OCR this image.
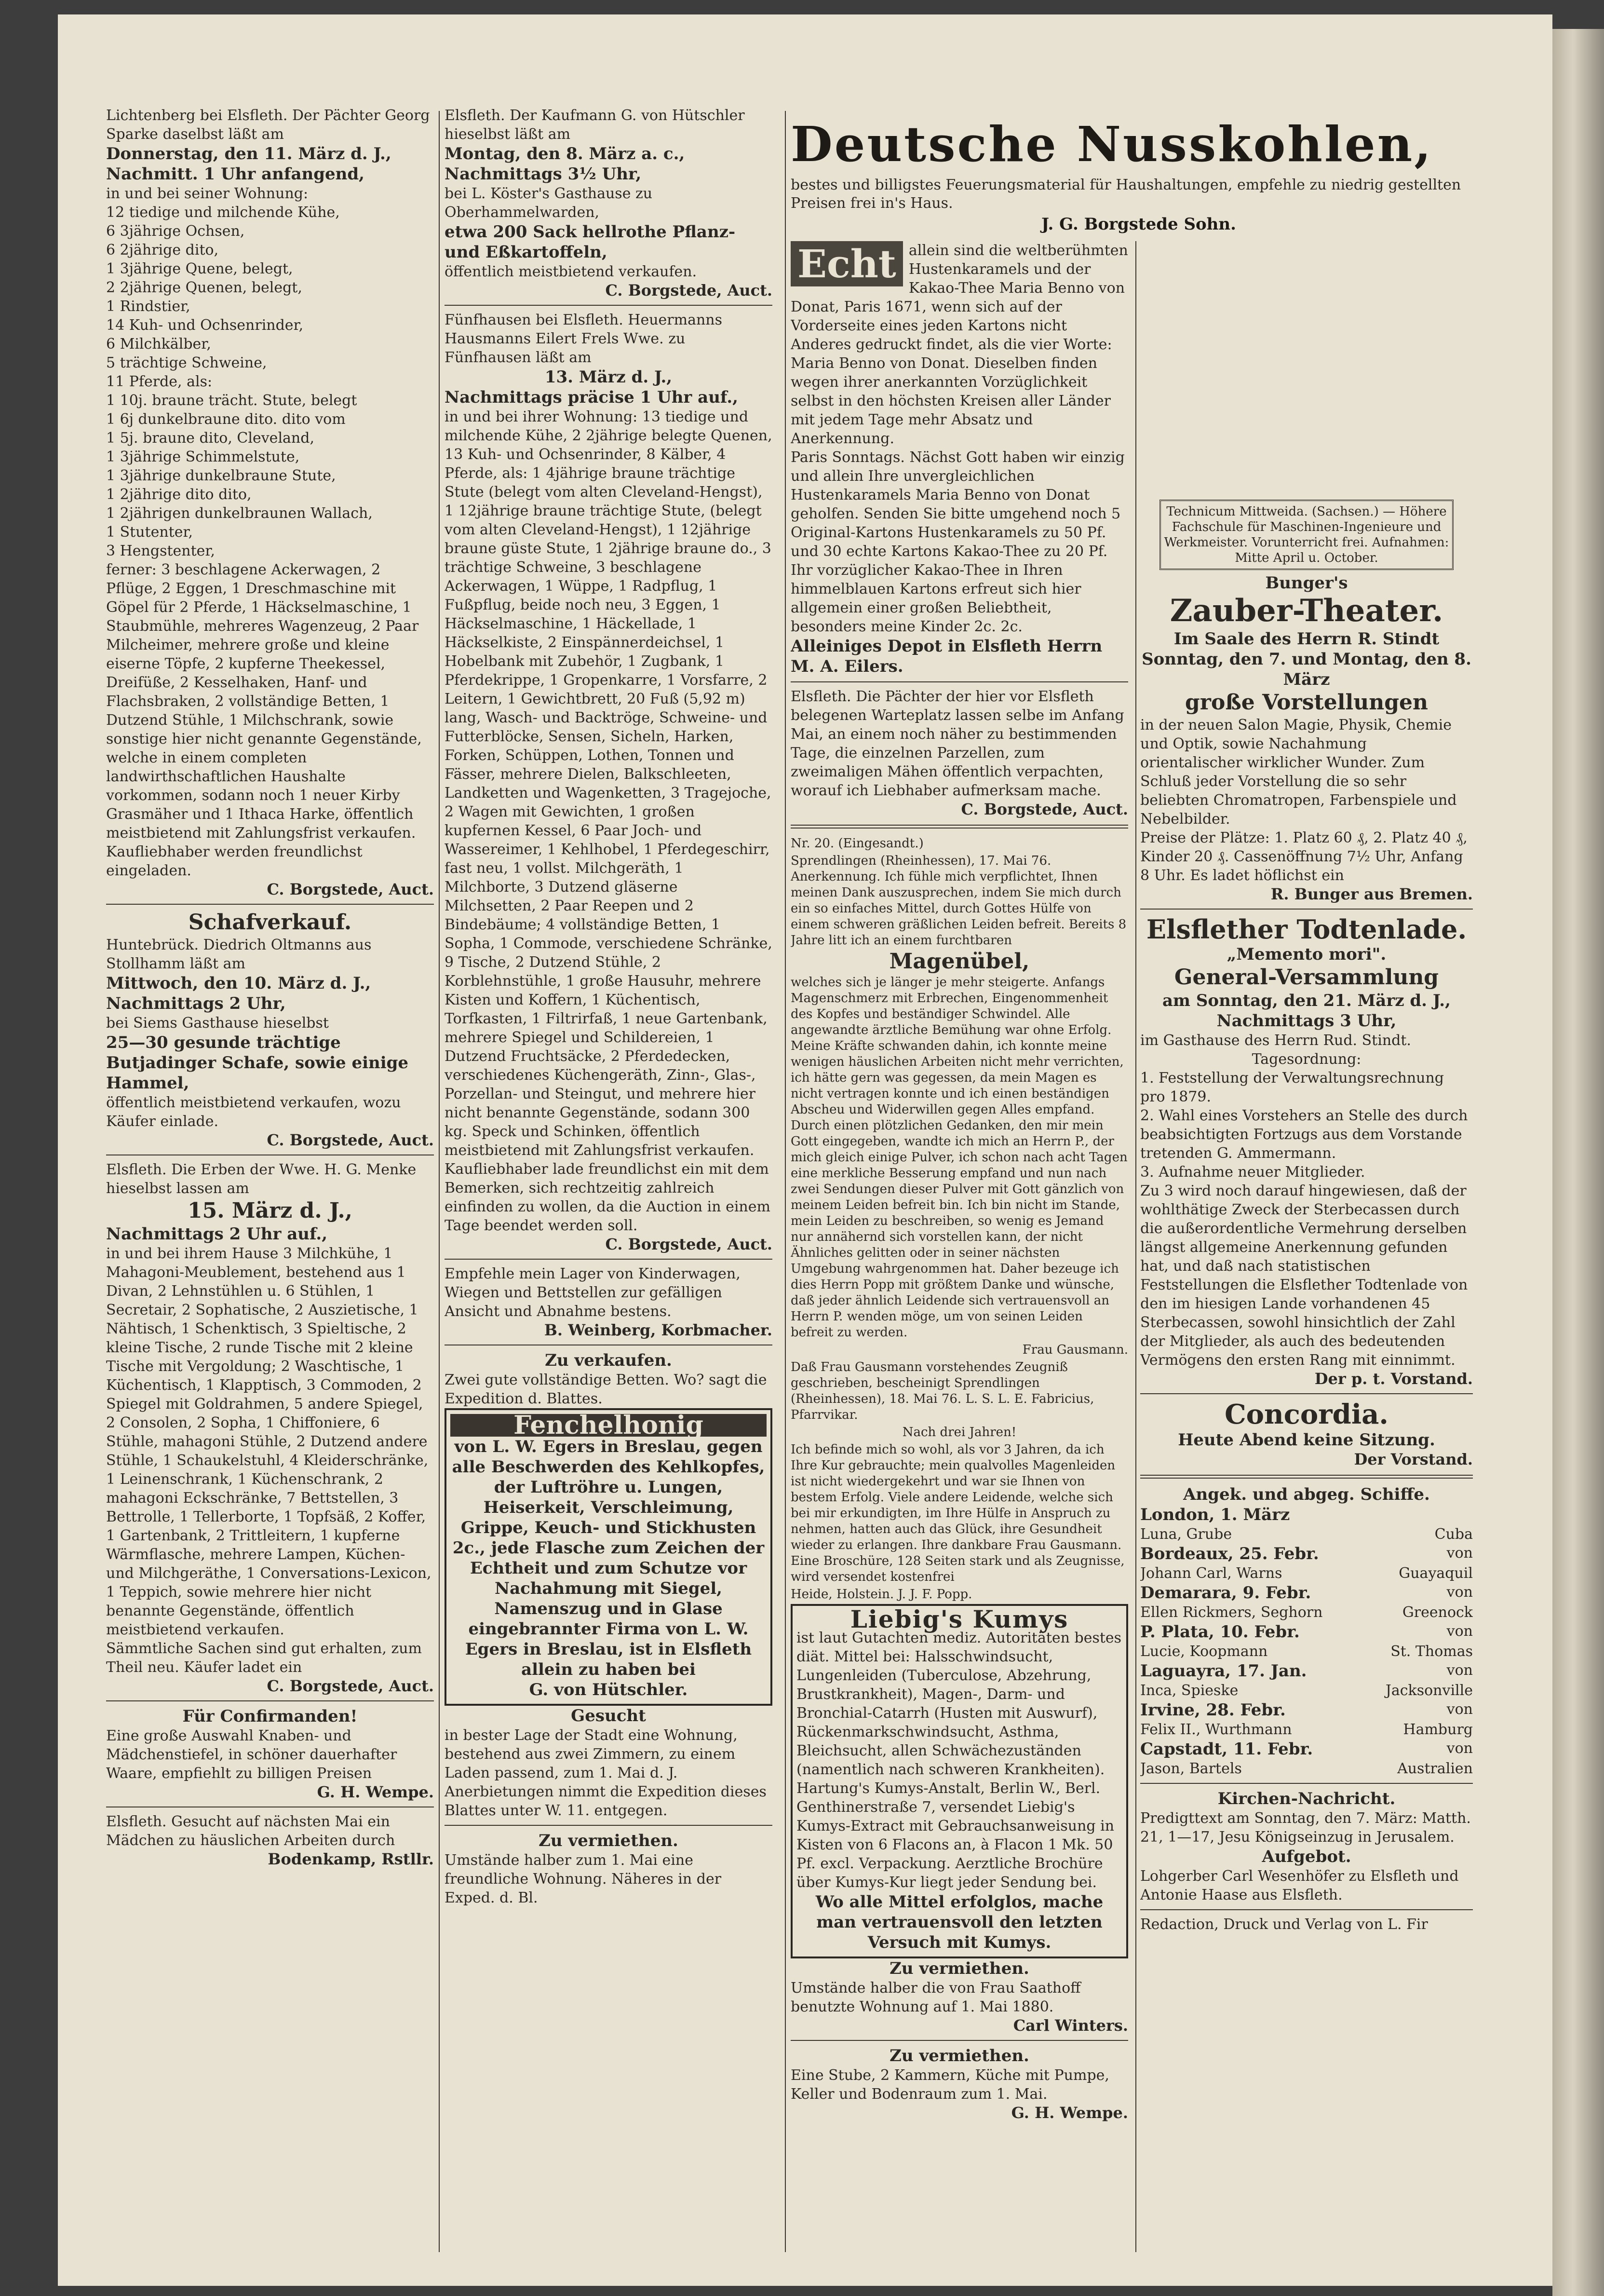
Deutsche Nusskohlen,
bestes und billigstes Feuerungsmaterial für Haushaltungen, empfehle zu niedrig gestellten Preisen frei in's Haus.
J. G. Borgstede Sohn.

Lichtenberg bei Elsfleth. Der Pächter Georg Sparke daselbst läßt am

Donnerstag, den 11. März d. J.,

Nachmitt. 1 Uhr anfangend,

in und bei seiner Wohnung:

12 tiedige und milchende Kühe,
6 3jährige Ochsen,
6 2jährige dito,
1 3jährige Quene, belegt,
2 2jährige Quenen, belegt,
1 Rindstier,
14 Kuh- und Ochsenrinder,
6 Milchkälber,
5 trächtige Schweine,
11 Pferde, als:
1 10j. braune trächt. Stute, belegt
1 6j dunkelbraune dito. dito vom
1 5j. braune dito, Cleveland,
1 3jährige Schimmelstute,
1 3jährige dunkelbraune Stute,
1 2jährige dito dito,
1 2jährigen dunkelbraunen Wallach,
1 Stutenter,
3 Hengstenter,

ferner: 3 beschlagene Ackerwagen, 2 Pflüge, 2 Eggen, 1 Dreschmaschine mit Göpel für 2 Pferde, 1 Häckselmaschine, 1 Staubmühle, mehreres Wagenzeug, 2 Paar Milcheimer, mehrere große und kleine eiserne Töpfe, 2 kupferne Theekessel, Dreifüße, 2 Kesselhaken, Hanf- und Flachsbraken, 2 vollständige Betten, 1 Dutzend Stühle, 1 Milchschrank, sowie sonstige hier nicht genannte Gegenstände, welche in einem completen landwirthschaftlichen Haushalte vorkommen, sodann noch 1 neuer Kirby Grasmäher und 1 Ithaca Harke, öffentlich meistbietend mit Zahlungsfrist verkaufen.

Kaufliebhaber werden freundlichst eingeladen.

C. Borgstede, Auct.

Schafverkauf.

Huntebrück. Diedrich Oltmanns aus Stollhamm läßt am

Mittwoch, den 10. März d. J., Nachmittags 2 Uhr,

bei Siems Gasthause hieselbst

25—30 gesunde trächtige Butjadinger Schafe, sowie einige Hammel,

öffentlich meistbietend verkaufen, wozu Käufer einlade.

C. Borgstede, Auct.

Elsfleth. Die Erben der Wwe. H. G. Menke hieselbst lassen am

15. März d. J.,

Nachmittags 2 Uhr auf.,

in und bei ihrem Hause 3 Milchkühe, 1 Mahagoni-Meublement, bestehend aus 1 Divan, 2 Lehnstühlen u. 6 Stühlen, 1 Secretair, 2 Sophatische, 2 Auszietische, 1 Nähtisch, 1 Schenktisch, 3 Spieltische, 2 kleine Tische, 2 runde Tische mit 2 kleine Tische mit Vergoldung; 2 Waschtische, 1 Küchentisch, 1 Klapptisch, 3 Commoden, 2 Spiegel mit Goldrahmen, 5 andere Spiegel, 2 Consolen, 2 Sopha, 1 Chiffoniere, 6 Stühle, mahagoni Stühle, 2 Dutzend andere Stühle, 1 Schaukelstuhl, 4 Kleiderschränke, 1 Leinenschrank, 1 Küchenschrank, 2 mahagoni Eckschränke, 7 Bettstellen, 3 Bettrolle, 1 Tellerborte, 1 Topfsäß, 2 Koffer, 1 Gartenbank, 2 Trittleitern, 1 kupferne Wärmflasche, mehrere Lampen, Küchen- und Milchgeräthe, 1 Conversations-Lexicon, 1 Teppich, sowie mehrere hier nicht benannte Gegenstände, öffentlich meistbietend verkaufen.

Sämmtliche Sachen sind gut erhalten, zum Theil neu. Käufer ladet ein

C. Borgstede, Auct.

Für Confirmanden!

Eine große Auswahl Knaben- und Mädchenstiefel, in schöner dauerhafter Waare, empfiehlt zu billigen Preisen

G. H. Wempe.

Elsfleth. Gesucht auf nächsten Mai ein Mädchen zu häuslichen Arbeiten durch

Bodenkamp, Rstllr.

Elsfleth. Der Kaufmann G. von Hütschler hieselbst läßt am

Montag, den 8. März a. c., Nachmittags 3½ Uhr,

bei L. Köster's Gasthause zu Oberhammelwarden,

etwa 200 Sack hellrothe Pflanz- und Eßkartoffeln,

öffentlich meistbietend verkaufen.

C. Borgstede, Auct.

Fünfhausen bei Elsfleth. Heuermanns Hausmanns Eilert Frels Wwe. zu Fünfhausen läßt am

13. März d. J.,

Nachmittags präcise 1 Uhr auf.,

in und bei ihrer Wohnung: 13 tiedige und milchende Kühe, 2 2jährige belegte Quenen, 13 Kuh- und Ochsenrinder, 8 Kälber, 4 Pferde, als: 1 4jährige braune trächtige Stute (belegt vom alten Cleveland-Hengst), 1 12jährige braune trächtige Stute, (belegt vom alten Cleveland-Hengst), 1 12jährige braune güste Stute, 1 2jährige braune do., 3 trächtige Schweine, 3 beschlagene Ackerwagen, 1 Wüppe, 1 Radpflug, 1 Fußpflug, beide noch neu, 3 Eggen, 1 Häckselmaschine, 1 Häckellade, 1 Häckselkiste, 2 Einspännerdeichsel, 1 Hobelbank mit Zubehör, 1 Zugbank, 1 Pferdekrippe, 1 Gropenkarre, 1 Vorsfarre, 2 Leitern, 1 Gewichtbrett, 20 Fuß (5,92 m) lang, Wasch- und Backtröge, Schweine- und Futterblöcke, Sensen, Sicheln, Harken, Forken, Schüppen, Lothen, Tonnen und Fässer, mehrere Dielen, Balkschleeten, Landketten und Wagenketten, 3 Tragejoche, 2 Wagen mit Gewichten, 1 großen kupfernen Kessel, 6 Paar Joch- und Wassereimer, 1 Kehlhobel, 1 Pferdegeschirr, fast neu, 1 vollst. Milchgeräth, 1 Milchborte, 3 Dutzend gläserne Milchsetten, 2 Paar Reepen und 2 Bindebäume; 4 vollständige Betten, 1 Sopha, 1 Commode, verschiedene Schränke, 9 Tische, 2 Dutzend Stühle, 2 Korblehnstühle, 1 große Hausuhr, mehrere Kisten und Koffern, 1 Küchentisch, Torfkasten, 1 Filtrirfaß, 1 neue Gartenbank, mehrere Spiegel und Schildereien, 1 Dutzend Fruchtsäcke, 2 Pferdedecken, verschiedenes Küchengeräth, Zinn-, Glas-, Porzellan- und Steingut, und mehrere hier nicht benannte Gegenstände, sodann 300 kg. Speck und Schinken, öffentlich meistbietend mit Zahlungsfrist verkaufen.

Kaufliebhaber lade freundlichst ein mit dem Bemerken, sich rechtzeitig zahlreich einfinden zu wollen, da die Auction in einem Tage beendet werden soll.

C. Borgstede, Auct.

Empfehle mein Lager von Kinderwagen, Wiegen und Bettstellen zur gefälligen Ansicht und Abnahme bestens.

B. Weinberg, Korbmacher.

Zu verkaufen.

Zwei gute vollständige Betten. Wo? sagt die Expedition d. Blattes.

Fenchelhonig

von L. W. Egers in Breslau, gegen alle Beschwerden des Kehlkopfes, der Luftröhre u. Lungen, Heiserkeit, Verschleimung, Grippe, Keuch- und Stickhusten 2c., jede Flasche zum Zeichen der Echtheit und zum Schutze vor Nachahmung mit Siegel, Namenszug und in Glase eingebrannter Firma von L. W. Egers in Breslau, ist in Elsfleth allein zu haben bei

G. von Hütschler.

Gesucht

in bester Lage der Stadt eine Wohnung, bestehend aus zwei Zimmern, zu einem Laden passend, zum 1. Mai d. J. Anerbietungen nimmt die Expedition dieses Blattes unter W. 11. entgegen.

Zu vermiethen.

Umstände halber zum 1. Mai eine freundliche Wohnung. Näheres in der Exped. d. Bl.

Echt allein sind die weltberühmten Hustenkaramels und der Kakao-Thee Maria Benno von Donat, Paris 1671, wenn sich auf der Vorderseite eines jeden Kartons nicht Anderes gedruckt findet, als die vier Worte: Maria Benno von Donat. Dieselben finden wegen ihrer anerkannten Vorzüglichkeit selbst in den höchsten Kreisen aller Länder mit jedem Tage mehr Absatz und Anerkennung.

Paris Sonntags. Nächst Gott haben wir einzig und allein Ihre unvergleichlichen Hustenkaramels Maria Benno von Donat geholfen. Senden Sie bitte umgehend noch 5 Original-Kartons Hustenkaramels zu 50 Pf. und 30 echte Kartons Kakao-Thee zu 20 Pf. Ihr vorzüglicher Kakao-Thee in Ihren himmelblauen Kartons erfreut sich hier allgemein einer großen Beliebtheit, besonders meine Kinder 2c. 2c.

Alleiniges Depot in Elsfleth Herrn M. A. Eilers.

Elsfleth. Die Pächter der hier vor Elsfleth belegenen Warteplatz lassen selbe im Anfang Mai, an einem noch näher zu bestimmenden Tage, die einzelnen Parzellen, zum zweimaligen Mähen öffentlich verpachten, worauf ich Liebhaber aufmerksam mache.

C. Borgstede, Auct.

Nr. 20. (Eingesandt.)

Sprendlingen (Rheinhessen), 17. Mai 76. Anerkennung. Ich fühle mich verpflichtet, Ihnen meinen Dank auszusprechen, indem Sie mich durch ein so einfaches Mittel, durch Gottes Hülfe von einem schweren gräßlichen Leiden befreit. Bereits 8 Jahre litt ich an einem furchtbaren

Magenübel,

welches sich je länger je mehr steigerte. Anfangs Magenschmerz mit Erbrechen, Eingenommenheit des Kopfes und beständiger Schwindel. Alle angewandte ärztliche Bemühung war ohne Erfolg. Meine Kräfte schwanden dahin, ich konnte meine wenigen häuslichen Arbeiten nicht mehr verrichten, ich hätte gern was gegessen, da mein Magen es nicht vertragen konnte und ich einen beständigen Abscheu und Widerwillen gegen Alles empfand. Durch einen plötzlichen Gedanken, den mir mein Gott eingegeben, wandte ich mich an Herrn P., der mich gleich einige Pulver, ich schon nach acht Tagen eine merkliche Besserung empfand und nun nach zwei Sendungen dieser Pulver mit Gott gänzlich von meinem Leiden befreit bin. Ich bin nicht im Stande, mein Leiden zu beschreiben, so wenig es Jemand nur annähernd sich vorstellen kann, der nicht Ähnliches gelitten oder in seiner nächsten Umgebung wahrgenommen hat. Daher bezeuge ich dies Herrn Popp mit größtem Danke und wünsche, daß jeder ähnlich Leidende sich vertrauensvoll an Herrn P. wenden möge, um von seinen Leiden befreit zu werden.

Frau Gausmann.

Daß Frau Gausmann vorstehendes Zeugniß geschrieben, bescheinigt Sprendlingen (Rheinhessen), 18. Mai 76. L. S. L. E. Fabricius, Pfarrvikar.

Nach drei Jahren!

Ich befinde mich so wohl, als vor 3 Jahren, da ich Ihre Kur gebrauchte; mein qualvolles Magenleiden ist nicht wiedergekehrt und war sie Ihnen von bestem Erfolg. Viele andere Leidende, welche sich bei mir erkundigten, im Ihre Hülfe in Anspruch zu nehmen, hatten auch das Glück, ihre Gesundheit wieder zu erlangen. Ihre dankbare Frau Gausmann.

Eine Broschüre, 128 Seiten stark und als Zeugnisse, wird versendet kostenfrei

Heide, Holstein. J. J. F. Popp.

Liebig's Kumys

ist laut Gutachten mediz. Autoritäten bestes diät. Mittel bei: Halsschwindsucht, Lungenleiden (Tuberculose, Abzehrung, Brustkrankheit), Magen-, Darm- und Bronchial-Catarrh (Husten mit Auswurf), Rückenmarkschwindsucht, Asthma, Bleichsucht, allen Schwächezuständen (namentlich nach schweren Krankheiten). Hartung's Kumys-Anstalt, Berlin W., Berl. Genthinerstraße 7, versendet Liebig's Kumys-Extract mit Gebrauchsanweisung in Kisten von 6 Flacons an, à Flacon 1 Mk. 50 Pf. excl. Verpackung. Aerztliche Brochüre über Kumys-Kur liegt jeder Sendung bei.

Wo alle Mittel erfolglos, mache man vertrauensvoll den letzten Versuch mit Kumys.

Zu vermiethen.

Umstände halber die von Frau Saathoff benutzte Wohnung auf 1. Mai 1880.

Carl Winters.

Zu vermiethen.

Eine Stube, 2 Kammern, Küche mit Pumpe, Keller und Bodenraum zum 1. Mai.

G. H. Wempe.

Technicum Mittweida. (Sachsen.) — Höhere Fachschule für Maschinen-Ingenieure und Werkmeister. Vorunterricht frei. Aufnahmen: Mitte April u. October.

Bunger's

Zauber-Theater.

Im Saale des Herrn R. Stindt Sonntag, den 7. und Montag, den 8. März

große Vorstellungen

in der neuen Salon Magie, Physik, Chemie und Optik, sowie Nachahmung orientalischer wirklicher Wunder. Zum Schluß jeder Vorstellung die so sehr beliebten Chromatropen, Farbenspiele und Nebelbilder.

Preise der Plätze: 1. Platz 60 ₰, 2. Platz 40 ₰, Kinder 20 ₰. Cassenöffnung 7½ Uhr, Anfang 8 Uhr. Es ladet höflichst ein

R. Bunger aus Bremen.

Elsflether Todtenlade.

„Memento mori".

General-Versammlung

am Sonntag, den 21. März d. J., Nachmittags 3 Uhr,

im Gasthause des Herrn Rud. Stindt.

Tagesordnung:

1. Feststellung der Verwaltungsrechnung pro 1879.
2. Wahl eines Vorstehers an Stelle des durch beabsichtigten Fortzugs aus dem Vorstande tretenden G. Ammermann.
3. Aufnahme neuer Mitglieder.

Zu 3 wird noch darauf hingewiesen, daß der wohlthätige Zweck der Sterbecassen durch die außerordentliche Vermehrung derselben längst allgemeine Anerkennung gefunden hat, und daß nach statistischen Feststellungen die Elsflether Todtenlade von den im hiesigen Lande vorhandenen 45 Sterbecassen, sowohl hinsichtlich der Zahl der Mitglieder, als auch des bedeutenden Vermögens den ersten Rang mit einnimmt.

Der p. t. Vorstand.

Concordia.

Heute Abend keine Sitzung.

Der Vorstand.

Angek. und abgeg. Schiffe.

London, 1. März
Luna, Grube	Cuba
Bordeaux, 25. Febr.	von
Johann Carl, Warns	Guayaquil
Demarara, 9. Febr.	von
Ellen Rickmers, Seghorn	Greenock
P. Plata, 10. Febr.	von
Lucie, Koopmann	St. Thomas
Laguayra, 17. Jan.	von
Inca, Spieske	Jacksonville
Irvine, 28. Febr.	von
Felix II., Wurthmann	Hamburg
Capstadt, 11. Febr.	von
Jason, Bartels	Australien

Kirchen-Nachricht.

Predigttext am Sonntag, den 7. März: Matth. 21, 1—17, Jesu Königseinzug in Jerusalem.

Aufgebot.

Lohgerber Carl Wesenhöfer zu Elsfleth und Antonie Haase aus Elsfleth.

Redaction, Druck und Verlag von L. Fir
